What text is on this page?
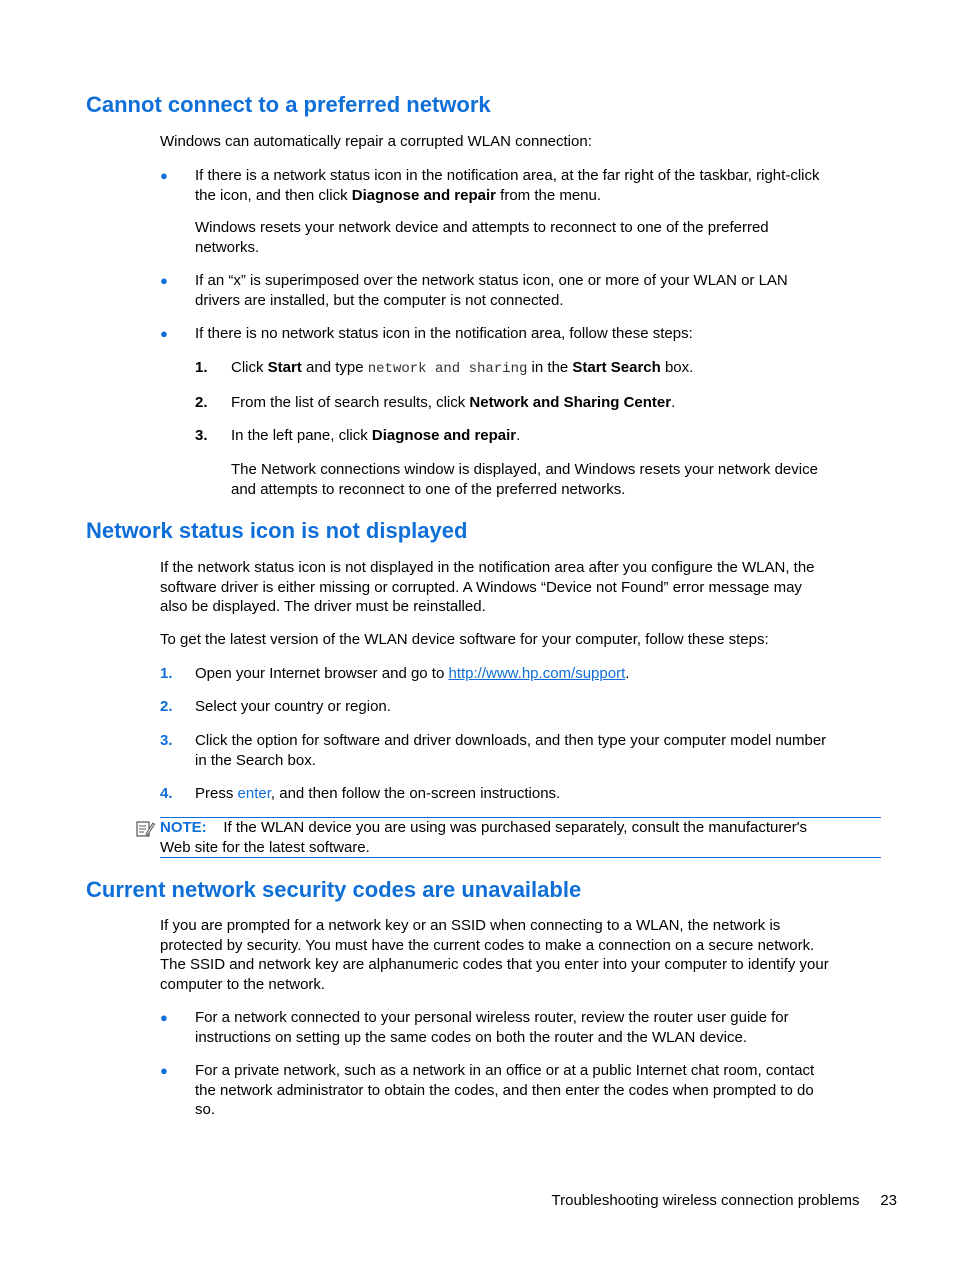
Cannot connect to a preferred network

Windows can automatically repair a corrupted WLAN connection:

● If there is a network status icon in the notification area, at the far right of the taskbar, right-click
the icon, and then click Diagnose and repair from the menu.
Windows resets your network device and attempts to reconnect to one of the preferred
networks.
● If an “x” is superimposed over the network status icon, one or more of your WLAN or LAN
drivers are installed, but the computer is not connected.
● If there is no network status icon in the notification area, follow these steps:
1. Click Start and type network and sharing in the Start Search box.
2. From the list of search results, click Network and Sharing Center.
3. In the left pane, click Diagnose and repair.
The Network connections window is displayed, and Windows resets your network device
and attempts to reconnect to one of the preferred networks.
Network status icon is not displayed
If the network status icon is not displayed in the notification area after you configure the WLAN, the
software driver is either missing or corrupted. A Windows “Device not Found” error message may
also be displayed. The driver must be reinstalled.

To get the latest version of the WLAN device software for your computer, follow these steps:

1. Open your Internet browser and go to http://www.hp.com/support.
2. Select your country or region.
3. Click the option for software and driver downloads, and then type your computer model number
in the Search box.
4. Press enter, and then follow the on-screen instructions.
NOTE: If the WLAN device you are using was purchased separately, consult the manufacturer's
Web site for the latest software.
Current network security codes are unavailable
If you are prompted for a network key or an SSID when connecting to a WLAN, the network is
protected by security. You must have the current codes to make a connection on a secure network.
The SSID and network key are alphanumeric codes that you enter into your computer to identify your
computer to the network.
● For a network connected to your personal wireless router, review the router user guide for
instructions on setting up the same codes on both the router and the WLAN device.
● For a private network, such as a network in an office or at a public Internet chat room, contact
the network administrator to obtain the codes, and then enter the codes when prompted to do
so.
Troubleshooting wireless connection problems 23
